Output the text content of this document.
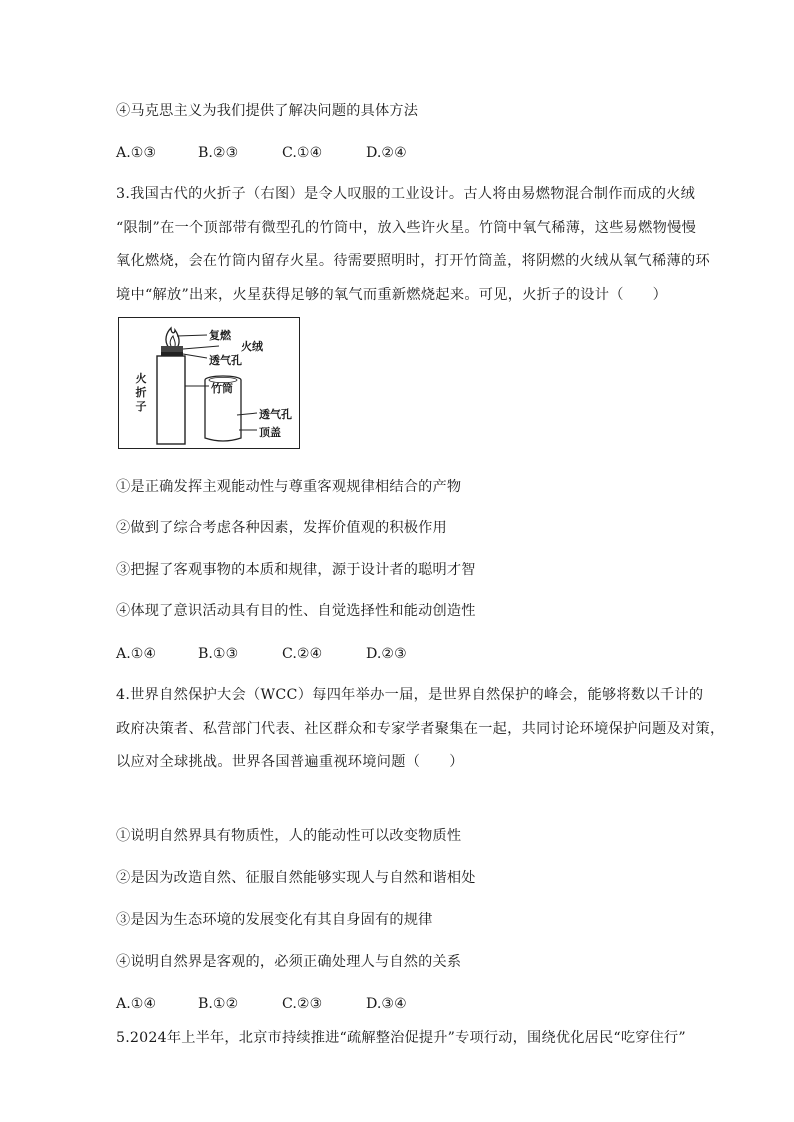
④马克思主义为我们提供了解决问题的具体方法
A.①③	B.②③	C.①④	D.②④
3.我国古代的火折子（右图）是令人叹服的工业设计。古人将由易燃物混合制作而成的火绒
“限制”在一个顶部带有微型孔的竹筒中，放入些许火星。竹筒中氧气稀薄，这些易燃物慢慢
氧化燃烧，会在竹筒内留存火星。待需要照明时，打开竹筒盖，将阴燃的火绒从氧气稀薄的环
境中“解放”出来，火星获得足够的氧气而重新燃烧起来。可见，火折子的设计（　　）
火
折
子
复燃
火绒
透气孔
竹筒
透气孔
顶盖
①是正确发挥主观能动性与尊重客观规律相结合的产物
②做到了综合考虑各种因素，发挥价值观的积极作用
③把握了客观事物的本质和规律，源于设计者的聪明才智
④体现了意识活动具有目的性、自觉选择性和能动创造性
A.①④	B.①③	C.②④	D.②③
4.世界自然保护大会（WCC）每四年举办一届，是世界自然保护的峰会，能够将数以千计的
政府决策者、私营部门代表、社区群众和专家学者聚集在一起，共同讨论环境保护问题及对策，
以应对全球挑战。世界各国普遍重视环境问题（　　）
①说明自然界具有物质性，人的能动性可以改变物质性
②是因为改造自然、征服自然能够实现人与自然和谐相处
③是因为生态环境的发展变化有其自身固有的规律
④说明自然界是客观的，必须正确处理人与自然的关系
A.①④	B.①②	C.②③	D.③④
5.2024年上半年，北京市持续推进“疏解整治促提升”专项行动，围绕优化居民“吃穿住行”
